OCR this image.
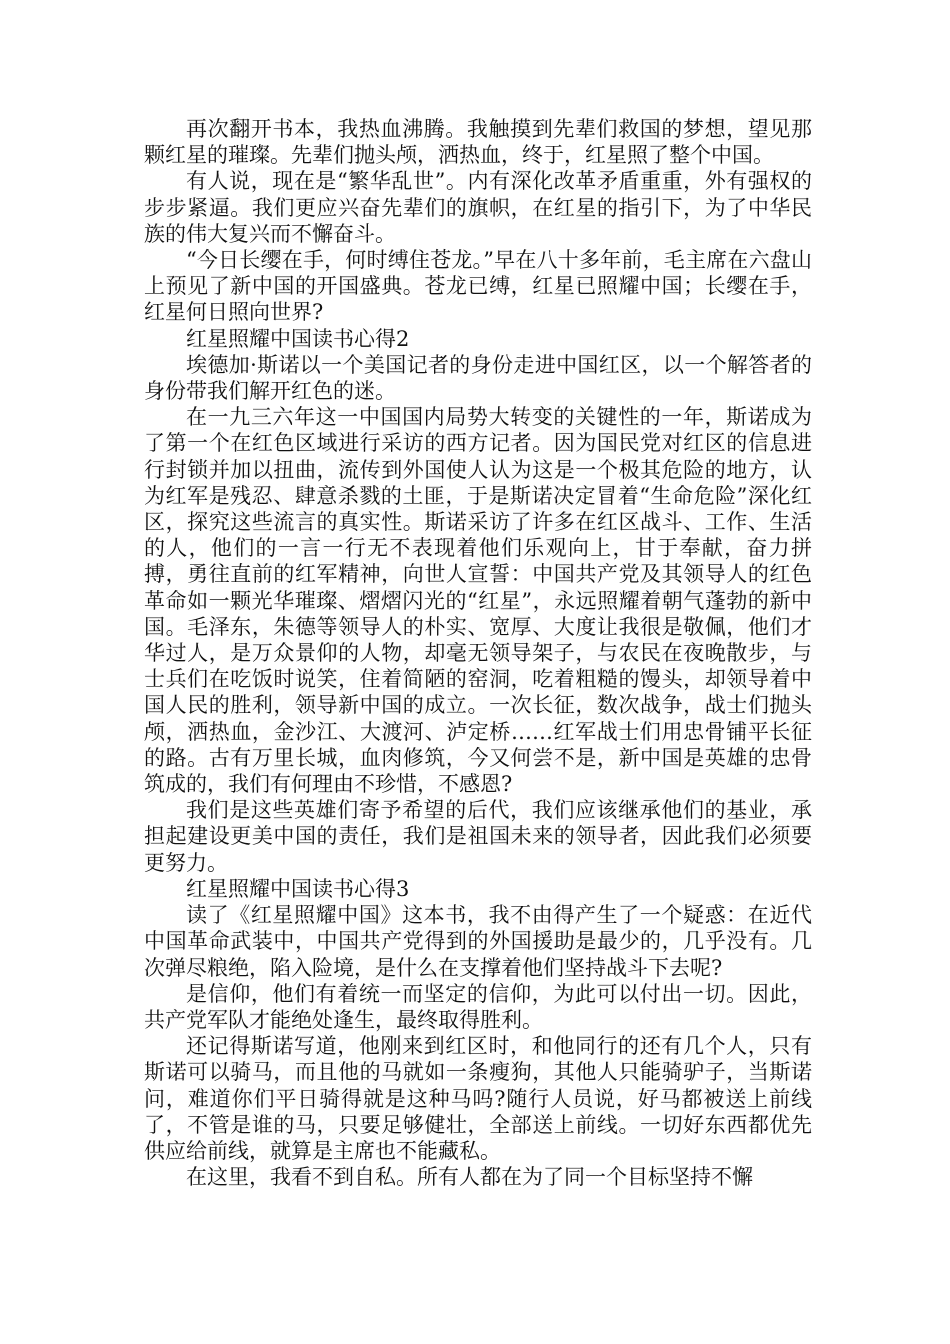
再次翻开书本，我热血沸腾。我触摸到先辈们救国的梦想，望见那颗红星的璀璨。先辈们抛头颅，洒热血，终于，红星照了整个中国。

有人说，现在是“繁华乱世”。内有深化改革矛盾重重，外有强权的步步紧逼。我们更应兴奋先辈们的旗帜，在红星的指引下，为了中华民族的伟大复兴而不懈奋斗。

“今日长缨在手，何时缚住苍龙。”早在八十多年前，毛主席在六盘山上预见了新中国的开国盛典。苍龙已缚，红星已照耀中国；长缨在手，红星何日照向世界?

红星照耀中国读书心得2

埃德加·斯诺以一个美国记者的身份走进中国红区，以一个解答者的身份带我们解开红色的迷。

在一九三六年这一中国国内局势大转变的关键性的一年，斯诺成为了第一个在红色区域进行采访的西方记者。因为国民党对红区的信息进行封锁并加以扭曲，流传到外国使人认为这是一个极其危险的地方，认为红军是残忍、肆意杀戮的土匪，于是斯诺决定冒着“生命危险”深化红区，探究这些流言的真实性。斯诺采访了许多在红区战斗、工作、生活的人，他们的一言一行无不表现着他们乐观向上，甘于奉献，奋力拼搏，勇往直前的红军精神，向世人宣誓：中国共产党及其领导人的红色革命如一颗光华璀璨、熠熠闪光的“红星”，永远照耀着朝气蓬勃的新中国。毛泽东，朱德等领导人的朴实、宽厚、大度让我很是敬佩，他们才华过人，是万众景仰的人物，却毫无领导架子，与农民在夜晚散步，与士兵们在吃饭时说笑，住着简陋的窑洞，吃着粗糙的馒头，却领导着中国人民的胜利，领导新中国的成立。一次长征，数次战争，战士们抛头颅，洒热血，金沙江、大渡河、泸定桥……红军战士们用忠骨铺平长征的路。古有万里长城，血肉修筑，今又何尝不是，新中国是英雄的忠骨筑成的，我们有何理由不珍惜，不感恩?

我们是这些英雄们寄予希望的后代，我们应该继承他们的基业，承担起建设更美中国的责任，我们是祖国未来的领导者，因此我们必须要更努力。

红星照耀中国读书心得3

读了《红星照耀中国》这本书，我不由得产生了一个疑惑：在近代中国革命武装中，中国共产党得到的外国援助是最少的，几乎没有。几次弹尽粮绝，陷入险境，是什么在支撑着他们坚持战斗下去呢?

是信仰，他们有着统一而坚定的信仰，为此可以付出一切。因此，共产党军队才能绝处逢生，最终取得胜利。

还记得斯诺写道，他刚来到红区时，和他同行的还有几个人，只有斯诺可以骑马，而且他的马就如一条瘦狗，其他人只能骑驴子，当斯诺问，难道你们平日骑得就是这种马吗?随行人员说，好马都被送上前线了，不管是谁的马，只要足够健壮，全部送上前线。一切好东西都优先供应给前线，就算是主席也不能藏私。

在这里，我看不到自私。所有人都在为了同一个目标坚持不懈
